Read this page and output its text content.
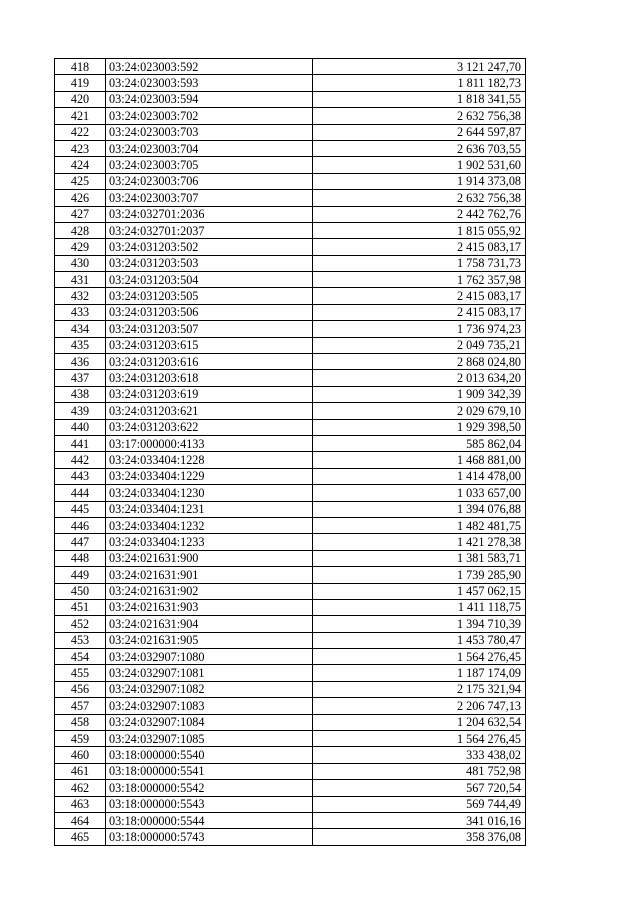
418	03:24:023003:592	3 121 247,70
419	03:24:023003:593	1 811 182,73
420	03:24:023003:594	1 818 341,55
421	03:24:023003:702	2 632 756,38
422	03:24:023003:703	2 644 597,87
423	03:24:023003:704	2 636 703,55
424	03:24:023003:705	1 902 531,60
425	03:24:023003:706	1 914 373,08
426	03:24:023003:707	2 632 756,38
427	03:24:032701:2036	2 442 762,76
428	03:24:032701:2037	1 815 055,92
429	03:24:031203:502	2 415 083,17
430	03:24:031203:503	1 758 731,73
431	03:24:031203:504	1 762 357,98
432	03:24:031203:505	2 415 083,17
433	03:24:031203:506	2 415 083,17
434	03:24:031203:507	1 736 974,23
435	03:24:031203:615	2 049 735,21
436	03:24:031203:616	2 868 024,80
437	03:24:031203:618	2 013 634,20
438	03:24:031203:619	1 909 342,39
439	03:24:031203:621	2 029 679,10
440	03:24:031203:622	1 929 398,50
441	03:17:000000:4133	585 862,04
442	03:24:033404:1228	1 468 881,00
443	03:24:033404:1229	1 414 478,00
444	03:24:033404:1230	1 033 657,00
445	03:24:033404:1231	1 394 076,88
446	03:24:033404:1232	1 482 481,75
447	03:24:033404:1233	1 421 278,38
448	03:24:021631:900	1 381 583,71
449	03:24:021631:901	1 739 285,90
450	03:24:021631:902	1 457 062,15
451	03:24:021631:903	1 411 118,75
452	03:24:021631:904	1 394 710,39
453	03:24:021631:905	1 453 780,47
454	03:24:032907:1080	1 564 276,45
455	03:24:032907:1081	1 187 174,09
456	03:24:032907:1082	2 175 321,94
457	03:24:032907:1083	2 206 747,13
458	03:24:032907:1084	1 204 632,54
459	03:24:032907:1085	1 564 276,45
460	03:18:000000:5540	333 438,02
461	03:18:000000:5541	481 752,98
462	03:18:000000:5542	567 720,54
463	03:18:000000:5543	569 744,49
464	03:18:000000:5544	341 016,16
465	03:18:000000:5743	358 376,08
